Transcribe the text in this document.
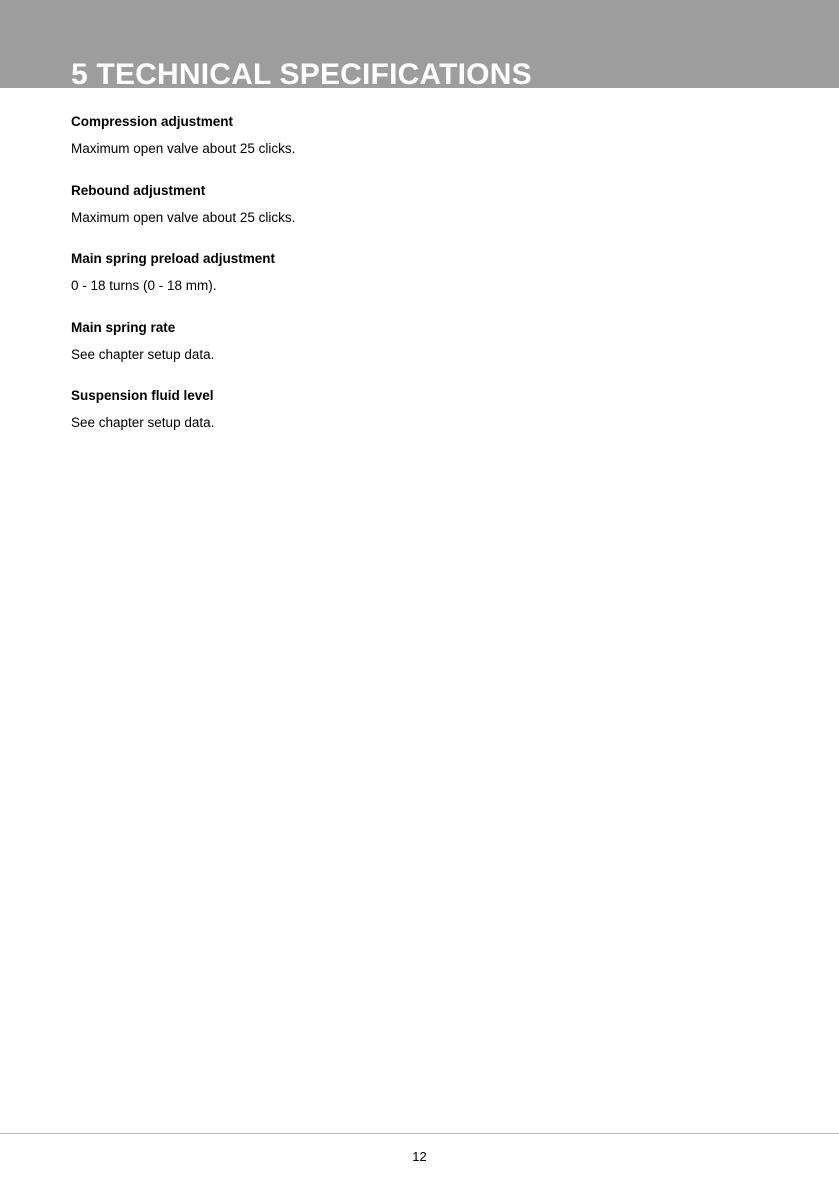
5 TECHNICAL SPECIFICATIONS
Compression adjustment
Maximum open valve about 25 clicks.
Rebound adjustment
Maximum open valve about 25 clicks.
Main spring preload adjustment
0 - 18 turns (0 - 18 mm).
Main spring rate
See chapter setup data.
Suspension fluid level
See chapter setup data.
12
